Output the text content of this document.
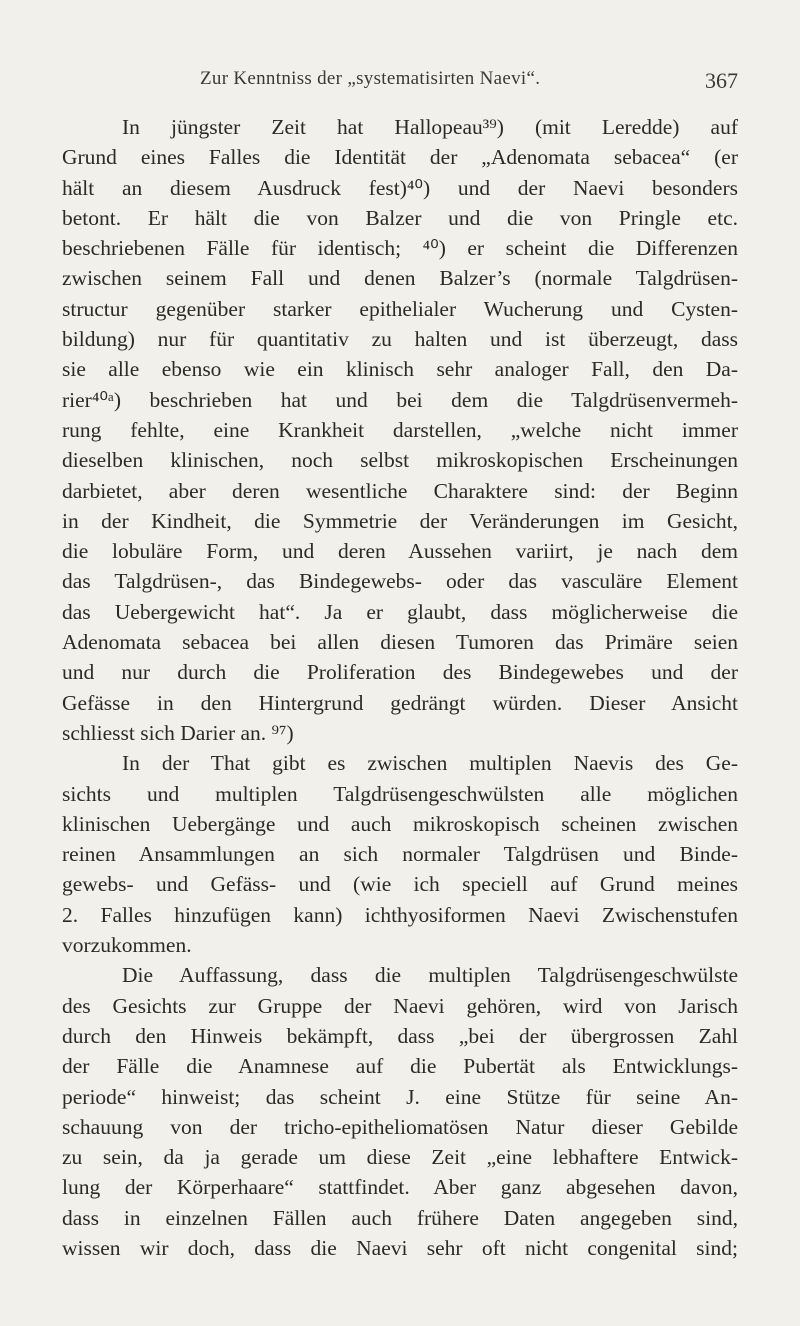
Zur Kenntniss der „systematisirten Naevi“.	367
In jüngster Zeit hat Hallopeau³⁹) (mit Leredde) auf
Grund eines Falles die Identität der „Adenomata sebacea“ (er
hält an diesem Ausdruck fest)⁴⁰) und der Naevi besonders
betont. Er hält die von Balzer und die von Pringle etc.
beschriebenen Fälle für identisch; ⁴⁰) er scheint die Differenzen
zwischen seinem Fall und denen Balzer’s (normale Talgdrüsen-
structur gegenüber starker epithelialer Wucherung und Cysten-
bildung) nur für quantitativ zu halten und ist überzeugt, dass
sie alle ebenso wie ein klinisch sehr analoger Fall, den Da-
rier⁴⁰ᵃ) beschrieben hat und bei dem die Talgdrüsenvermeh-
rung fehlte, eine Krankheit darstellen, „welche nicht immer
dieselben klinischen, noch selbst mikroskopischen Erscheinungen
darbietet, aber deren wesentliche Charaktere sind: der Beginn
in der Kindheit, die Symmetrie der Veränderungen im Gesicht,
die lobuläre Form, und deren Aussehen variirt, je nach dem
das Talgdrüsen-, das Bindegewebs- oder das vasculäre Element
das Uebergewicht hat“. Ja er glaubt, dass möglicherweise die
Adenomata sebacea bei allen diesen Tumoren das Primäre seien
und nur durch die Proliferation des Bindegewebes und der
Gefässe in den Hintergrund gedrängt würden. Dieser Ansicht
schliesst sich Darier an. ⁹⁷)
In der That gibt es zwischen multiplen Naevis des Ge-
sichts und multiplen Talgdrüsengeschwülsten alle möglichen
klinischen Uebergänge und auch mikroskopisch scheinen zwischen
reinen Ansammlungen an sich normaler Talgdrüsen und Binde-
gewebs- und Gefäss- und (wie ich speciell auf Grund meines
2. Falles hinzufügen kann) ichthyosiformen Naevi Zwischenstufen
vorzukommen.
Die Auffassung, dass die multiplen Talgdrüsengeschwülste
des Gesichts zur Gruppe der Naevi gehören, wird von Jarisch
durch den Hinweis bekämpft, dass „bei der übergrossen Zahl
der Fälle die Anamnese auf die Pubertät als Entwicklungs-
periode“ hinweist; das scheint J. eine Stütze für seine An-
schauung von der tricho-epitheliomatösen Natur dieser Gebilde
zu sein, da ja gerade um diese Zeit „eine lebhaftere Entwick-
lung der Körperhaare“ stattfindet. Aber ganz abgesehen davon,
dass in einzelnen Fällen auch frühere Daten angegeben sind,
wissen wir doch, dass die Naevi sehr oft nicht congenital sind;
